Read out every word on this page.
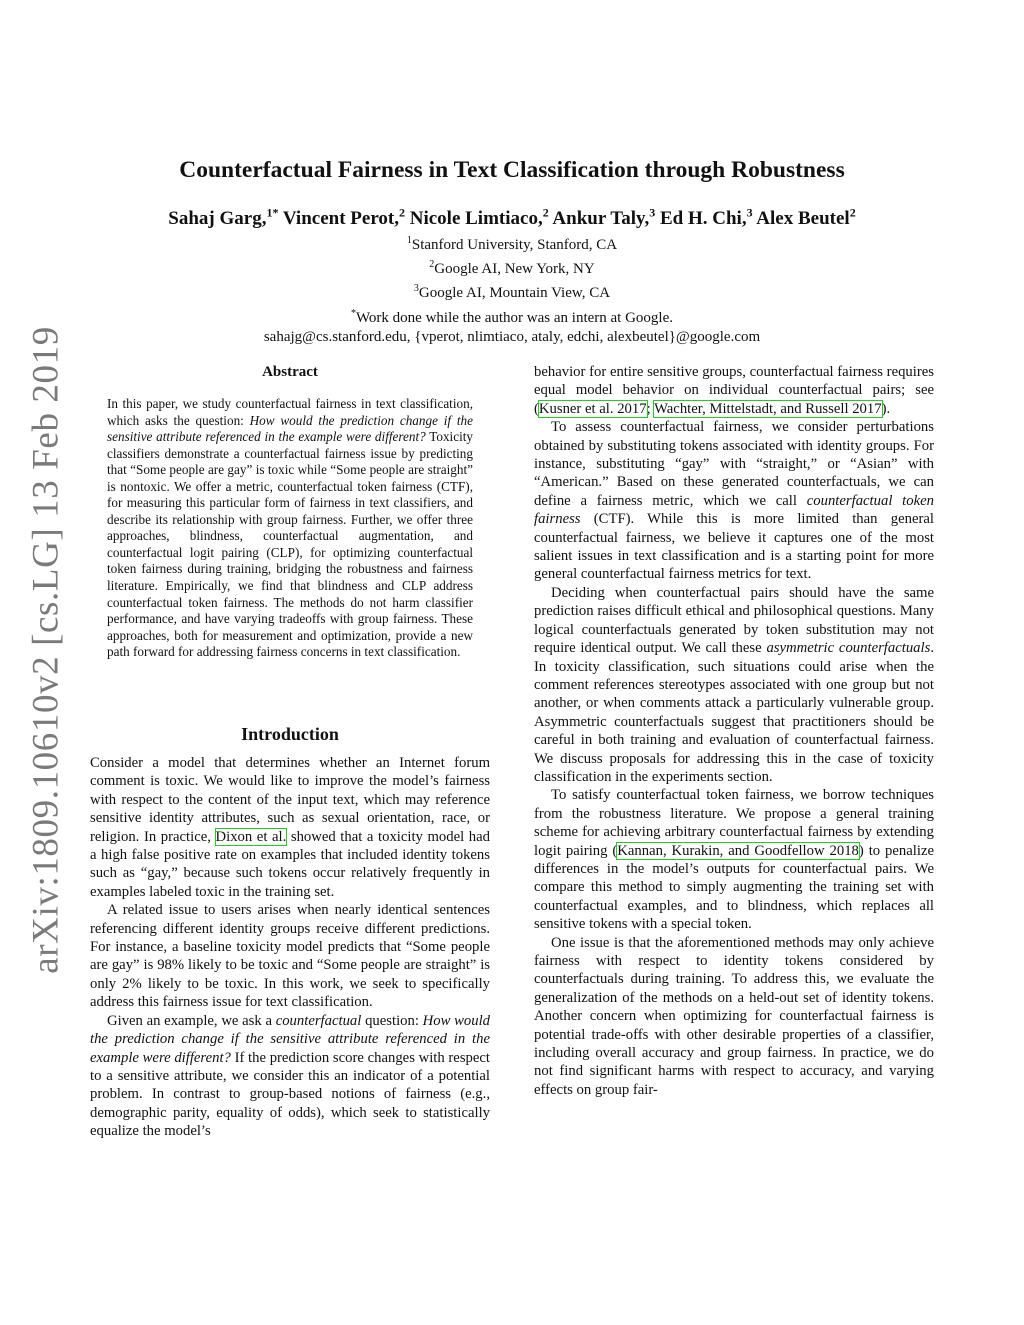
arXiv:1809.10610v2 [cs.LG] 13 Feb 2019
Counterfactual Fairness in Text Classification through Robustness
Sahaj Garg,$^{1*}$ Vincent Perot,$^2$ Nicole Limtiaco,$^2$ Ankur Taly,$^3$ Ed H. Chi,$^3$ Alex Beutel$^2$
$^1$Stanford University, Stanford, CA
$^2$Google AI, New York, NY
$^3$Google AI, Mountain View, CA
*Work done while the author was an intern at Google.
sahajg@cs.stanford.edu, {vperot, nlimtiaco, ataly, edchi, alexbeutel}@google.com
Abstract

In this paper, we study counterfactual fairness in text classification, which asks the question: How would the prediction change if the sensitive attribute referenced in the example were different? Toxicity classifiers demonstrate a counterfactual fairness issue by predicting that “Some people are gay” is toxic while “Some people are straight” is nontoxic. We offer a metric, counterfactual token fairness (CTF), for measuring this particular form of fairness in text classifiers, and describe its relationship with group fairness. Further, we offer three approaches, blindness, counterfactual augmentation, and counterfactual logit pairing (CLP), for optimizing counterfactual token fairness during training, bridging the robustness and fairness literature. Empirically, we find that blindness and CLP address counterfactual token fairness. The methods do not harm classifier performance, and have varying tradeoffs with group fairness. These approaches, both for measurement and optimization, provide a new path forward for addressing fairness concerns in text classification.

Introduction

Consider a model that determines whether an Internet forum comment is toxic. We would like to improve the model’s fairness with respect to the content of the input text, which may reference sensitive identity attributes, such as sexual orientation, race, or religion. In practice, Dixon et al. showed that a toxicity model had a high false positive rate on examples that included identity tokens such as “gay,” because such tokens occur relatively frequently in examples labeled toxic in the training set.

A related issue to users arises when nearly identical sentences referencing different identity groups receive different predictions. For instance, a baseline toxicity model predicts that “Some people are gay” is 98% likely to be toxic and “Some people are straight” is only 2% likely to be toxic. In this work, we seek to specifically address this fairness issue for text classification.

Given an example, we ask a counterfactual question: How would the prediction change if the sensitive attribute referenced in the example were different? If the prediction score changes with respect to a sensitive attribute, we consider this an indicator of a potential problem. In contrast to group-based notions of fairness (e.g., demographic parity, equality of odds), which seek to statistically equalize the model’s

behavior for entire sensitive groups, counterfactual fairness requires equal model behavior on individual counterfactual pairs; see (Kusner et al. 2017; Wachter, Mittelstadt, and Russell 2017).

To assess counterfactual fairness, we consider perturbations obtained by substituting tokens associated with identity groups. For instance, substituting “gay” with “straight,” or “Asian” with “American.” Based on these generated counterfactuals, we can define a fairness metric, which we call counterfactual token fairness (CTF). While this is more limited than general counterfactual fairness, we believe it captures one of the most salient issues in text classification and is a starting point for more general counterfactual fairness metrics for text.

Deciding when counterfactual pairs should have the same prediction raises difficult ethical and philosophical questions. Many logical counterfactuals generated by token substitution may not require identical output. We call these asymmetric counterfactuals. In toxicity classification, such situations could arise when the comment references stereotypes associated with one group but not another, or when comments attack a particularly vulnerable group. Asymmetric counterfactuals suggest that practitioners should be careful in both training and evaluation of counterfactual fairness. We discuss proposals for addressing this in the case of toxicity classification in the experiments section.

To satisfy counterfactual token fairness, we borrow techniques from the robustness literature. We propose a general training scheme for achieving arbitrary counterfactual fairness by extending logit pairing (Kannan, Kurakin, and Goodfellow 2018) to penalize differences in the model’s outputs for counterfactual pairs. We compare this method to simply augmenting the training set with counterfactual examples, and to blindness, which replaces all sensitive tokens with a special token.

One issue is that the aforementioned methods may only achieve fairness with respect to identity tokens considered by counterfactuals during training. To address this, we evaluate the generalization of the methods on a held-out set of identity tokens. Another concern when optimizing for counterfactual fairness is potential trade-offs with other desirable properties of a classifier, including overall accuracy and group fairness. In practice, we do not find significant harms with respect to accuracy, and varying effects on group fair-
